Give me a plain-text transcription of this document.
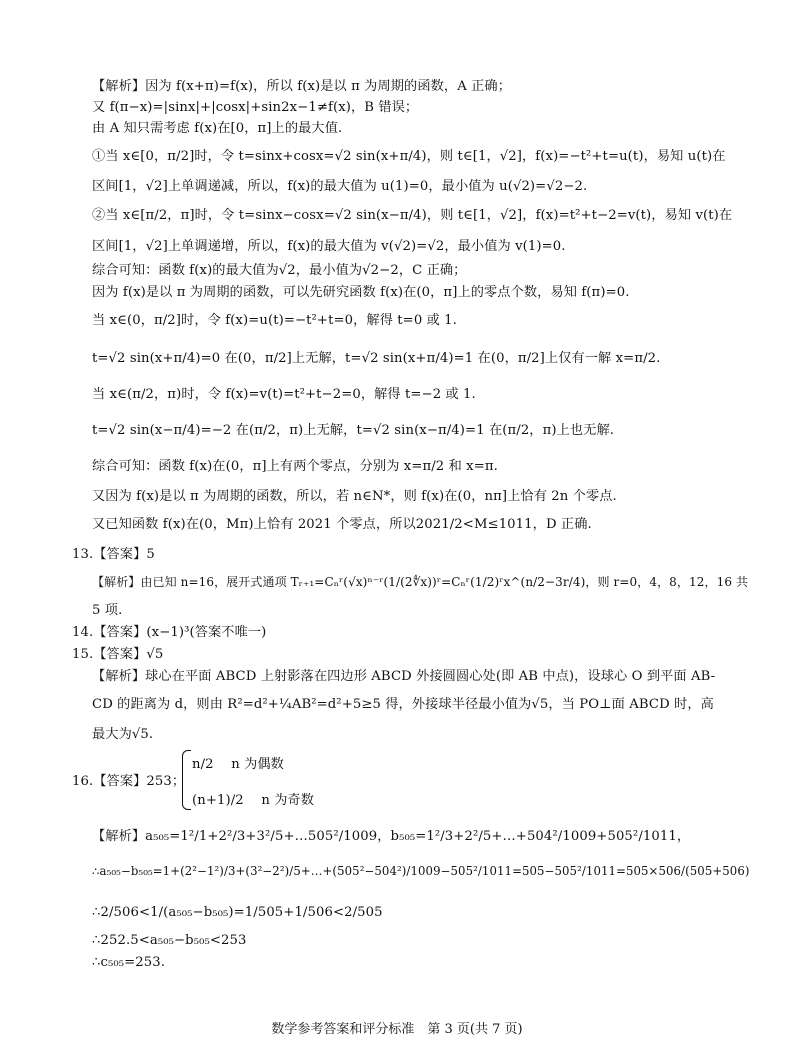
【解析】因为 f(x+π)=f(x)，所以 f(x)是以 π 为周期的函数，A 正确；
又 f(π−x)=|sinx|+|cosx|+sin2x−1≠f(x)，B 错误；
由 A 知只需考虑 f(x)在[0，π]上的最大值.
①当 x∈[0，π/2]时，令 t=sinx+cosx=√2 sin(x+π/4)，则 t∈[1，√2]，f(x)=−t²+t=u(t)，易知 u(t)在
区间[1，√2]上单调递减，所以，f(x)的最大值为 u(1)=0，最小值为 u(√2)=√2−2.
②当 x∈[π/2，π]时，令 t=sinx−cosx=√2 sin(x−π/4)，则 t∈[1，√2]，f(x)=t²+t−2=v(t)，易知 v(t)在
区间[1，√2]上单调递增，所以，f(x)的最大值为 v(√2)=√2，最小值为 v(1)=0.
综合可知：函数 f(x)的最大值为√2，最小值为√2−2，C 正确；
因为 f(x)是以 π 为周期的函数，可以先研究函数 f(x)在(0，π]上的零点个数，易知 f(π)=0.
当 x∈(0，π/2]时，令 f(x)=u(t)=−t²+t=0，解得 t=0 或 1.
t=√2 sin(x+π/4)=0 在(0，π/2]上无解，t=√2 sin(x+π/4)=1 在(0，π/2]上仅有一解 x=π/2.
当 x∈(π/2，π)时，令 f(x)=v(t)=t²+t−2=0，解得 t=−2 或 1.
t=√2 sin(x−π/4)=−2 在(π/2，π)上无解，t=√2 sin(x−π/4)=1 在(π/2，π)上也无解.
综合可知：函数 f(x)在(0，π]上有两个零点，分别为 x=π/2 和 x=π.
又因为 f(x)是以 π 为周期的函数，所以，若 n∈N*，则 f(x)在(0，nπ]上恰有 2n 个零点.
又已知函数 f(x)在(0，Mπ)上恰有 2021 个零点，所以2021/2<M≤1011，D 正确.
13.【答案】5
【解析】由已知 n=16，展开式通项 Tᵣ₊₁=Cₙʳ(√x)ⁿ⁻ʳ(1/(2∜x))ʳ=Cₙʳ(1/2)ʳx^(n/2−3r/4)，则 r=0，4，8，12，16 共
5 项.
14.【答案】(x−1)³(答案不唯一)
15.【答案】√5
【解析】球心在平面 ABCD 上射影落在四边形 ABCD 外接圆圆心处(即 AB 中点)，设球心 O 到平面 AB-
CD 的距离为 d，则由 R²=d²+¼AB²=d²+5≥5 得，外接球半径最小值为√5，当 PO⊥面 ABCD 时，高
最大为√5.
n/2　 n 为偶数
16.【答案】253；
(n+1)/2　 n 为奇数
【解析】a₅₀₅=1²/1+2²/3+3²/5+…505²/1009，b₅₀₅=1²/3+2²/5+…+504²/1009+505²/1011，
∴a₅₀₅−b₅₀₅=1+(2²−1²)/3+(3²−2²)/5+…+(505²−504²)/1009−505²/1011=505−505²/1011=505×506/(505+506)
∴2/506<1/(a₅₀₅−b₅₀₅)=1/505+1/506<2/505
∴252.5<a₅₀₅−b₅₀₅<253
∴c₅₀₅=253.
数学参考答案和评分标准　第 3 页(共 7 页)
